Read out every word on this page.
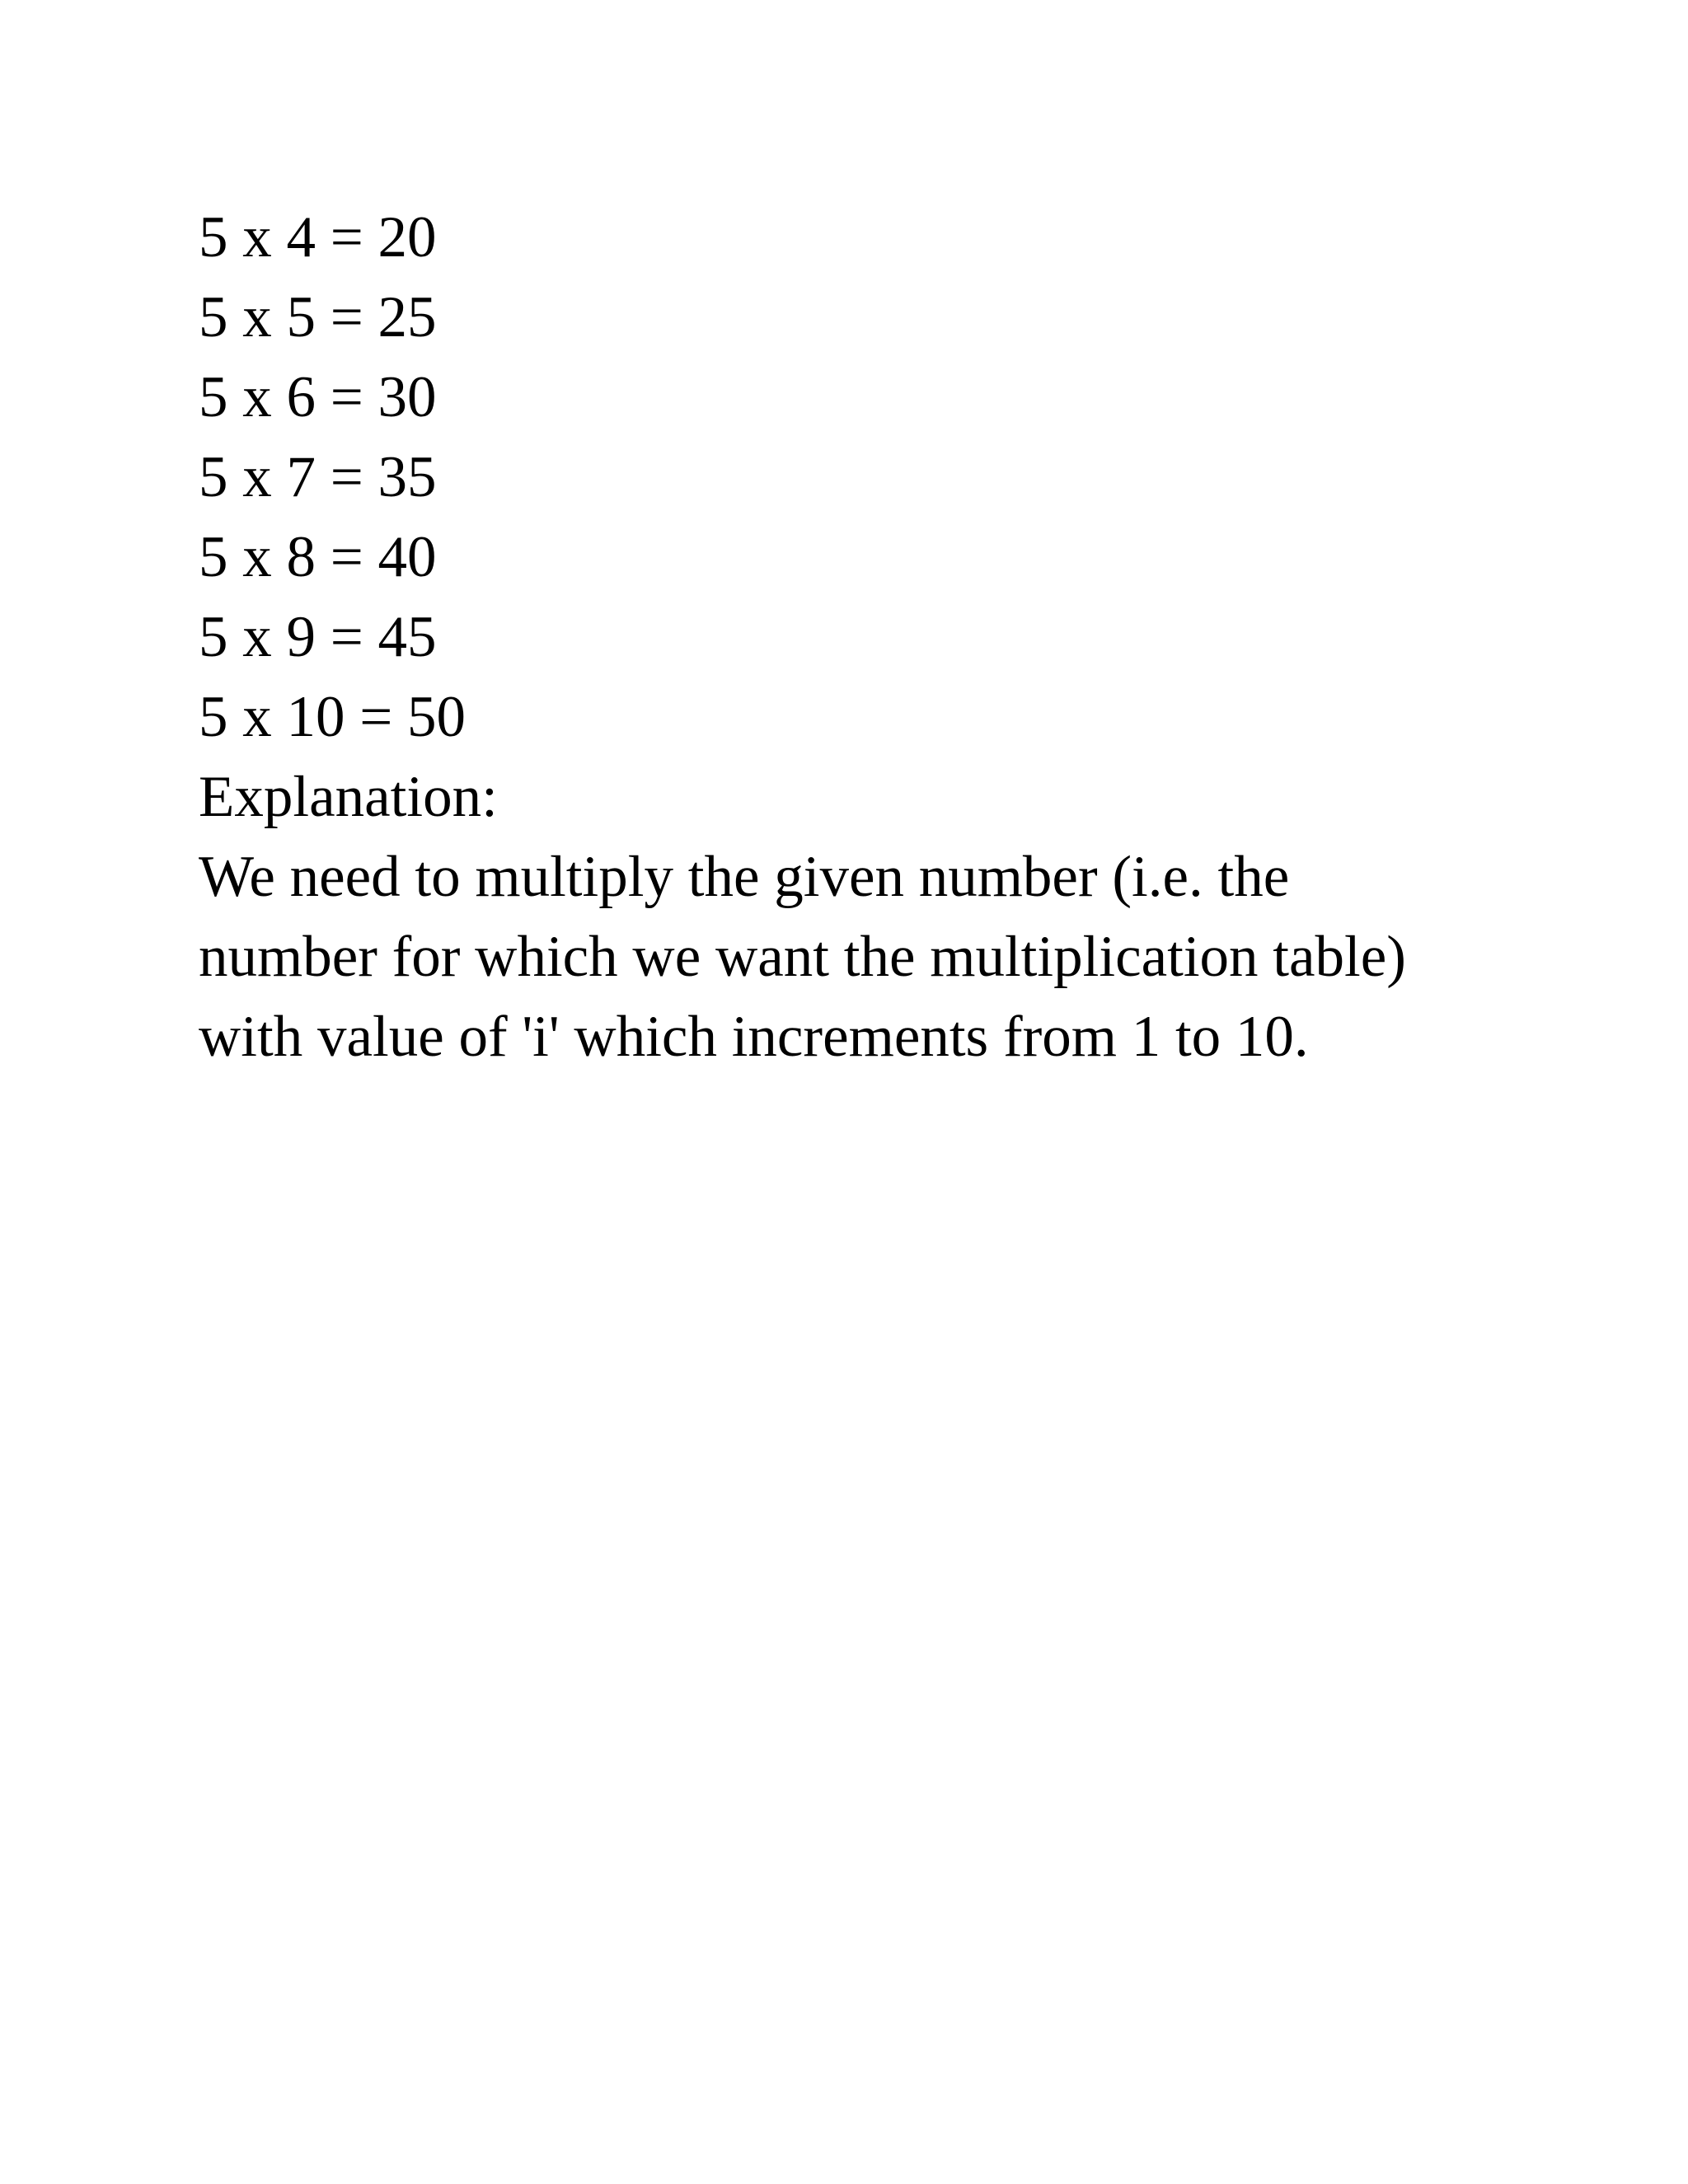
5 x 4 = 20
5 x 5 = 25
5 x 6 = 30
5 x 7 = 35
5 x 8 = 40
5 x 9 = 45
5 x 10 = 50
Explanation:
We need to multiply the given number (i.e. the
number for which we want the multiplication table)
with value of 'i' which increments from 1 to 10.
